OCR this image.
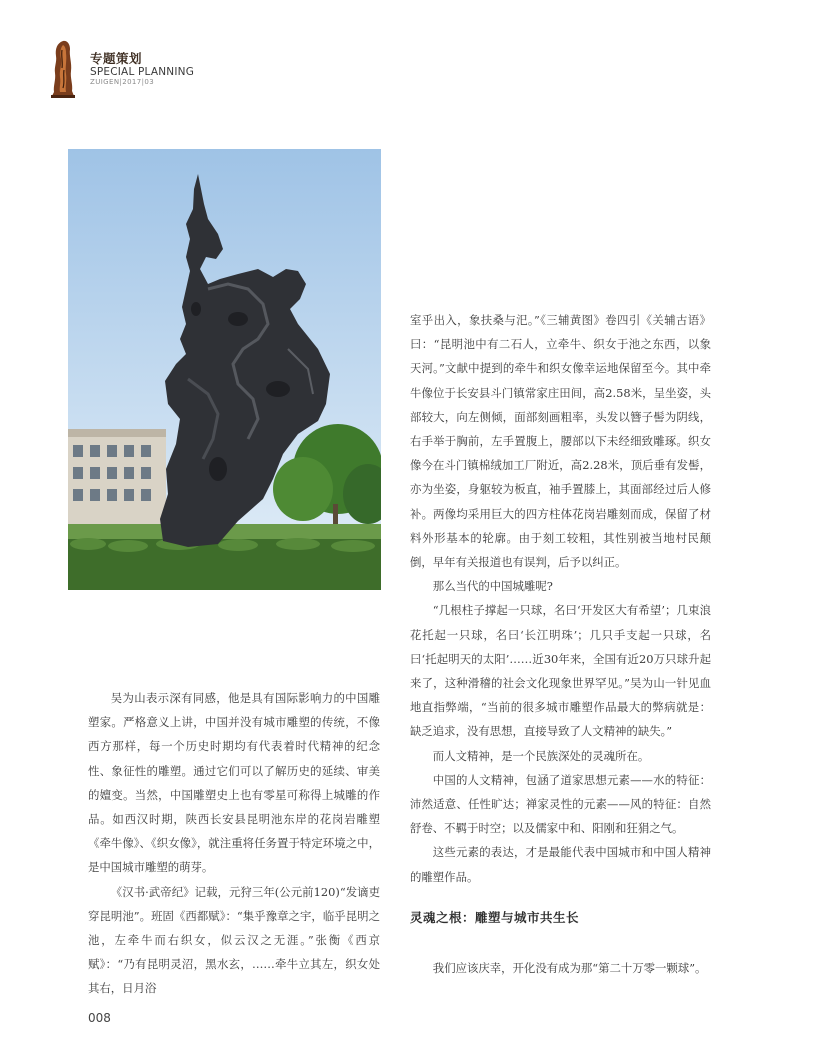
专题策划
SPECIAL PLANNING
ZUIGEN|2017|03

吴为山表示深有同感，他是具有国际影响力的中国雕塑家。严格意义上讲，中国并没有城市雕塑的传统，不像西方那样，每一个历史时期均有代表着时代精神的纪念性、象征性的雕塑。通过它们可以了解历史的延续、审美的嬗变。当然，中国雕塑史上也有零星可称得上城雕的作品。如西汉时期，陕西长安县昆明池东岸的花岗岩雕塑《牵牛像》、《织女像》，就注重将任务置于特定环境之中，是中国城市雕塑的萌芽。

《汉书·武帝纪》记载，元狩三年(公元前120)“发谪吏穿昆明池”。班固《西都赋》：“集乎豫章之宇，临乎昆明之池，左牵牛而右织女，似云汉之无涯。”张衡《西京赋》：“乃有昆明灵沼，黑水玄，……牵牛立其左，织女处其右，日月浴

室乎出入，象扶桑与汜。”《三辅黄图》卷四引《关辅古语》曰：“昆明池中有二石人，立牵牛、织女于池之东西，以象天河。”文献中提到的牵牛和织女像幸运地保留至今。其中牵牛像位于长安县斗门镇常家庄田间，高2.58米，呈坐姿，头部较大，向左侧倾，面部刻画粗率，头发以簪子髻为阴线，右手举于胸前，左手置腹上，腰部以下未经细致雕琢。织女像今在斗门镇棉绒加工厂附近，高2.28米，顶后垂有发髻，亦为坐姿，身躯较为板直，袖手置膝上，其面部经过后人修补。两像均采用巨大的四方柱体花岗岩雕刻而成，保留了材料外形基本的轮廓。由于刻工较粗，其性别被当地村民颠倒，早年有关报道也有误判，后予以纠正。

那么当代的中国城雕呢?

“几根柱子撑起一只球，名曰‘开发区大有希望’；几束浪花托起一只球，名曰‘长江明珠’；几只手支起一只球，名曰‘托起明天的太阳’……近30年来，全国有近20万只球升起来了，这种滑稽的社会文化现象世界罕见。”吴为山一针见血地直指弊端，“当前的很多城市雕塑作品最大的弊病就是：缺乏追求，没有思想，直接导致了人文精神的缺失。”

而人文精神，是一个民族深处的灵魂所在。

中国的人文精神，包涵了道家思想元素——水的特征：沛然适意、任性旷达；禅家灵性的元素——风的特征：自然舒卷、不羁于时空；以及儒家中和、阳刚和狂狷之气。

这些元素的表达，才是最能代表中国城市和中国人精神的雕塑作品。

灵魂之根：雕塑与城市共生长

我们应该庆幸，开化没有成为那“第二十万零一颗球”。

008
